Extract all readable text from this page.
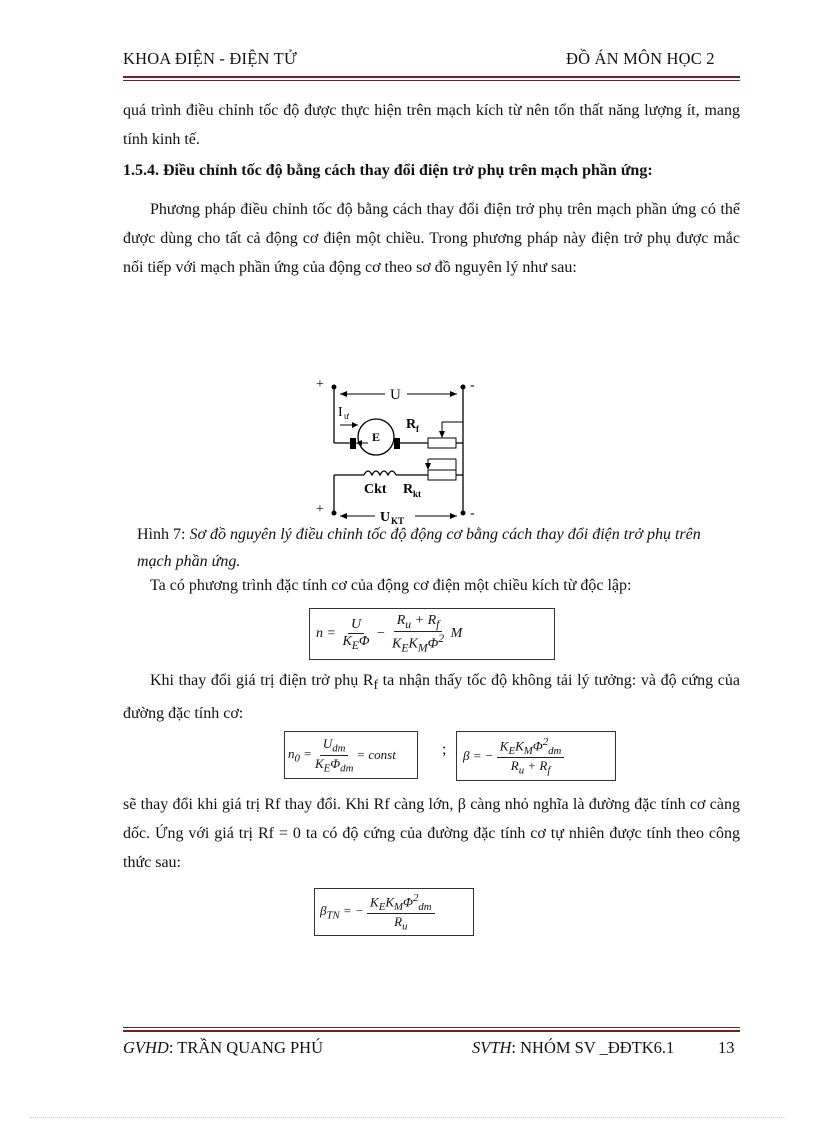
KHOA ĐIỆN - ĐIỆN TỬ	ĐỒ ÁN MÔN HỌC 2
quá trình điều chỉnh tốc độ được thực hiện trên mạch kích từ nên tổn thất năng lượng ít, mang tính kinh tế.
1.5.4. Điều chỉnh tốc độ bằng cách thay đổi điện trở phụ trên mạch phần ứng:
Phương pháp điều chỉnh tốc độ bằng cách thay đổi điện trở phụ trên mạch phần ứng có thể được dùng cho tất cả động cơ điện một chiều. Trong phương pháp này điện trở phụ được mắc nối tiếp với mạch phần ứng của động cơ theo sơ đồ nguyên lý như sau:
+	-
U
I ư
E
R f
Ckt R kt
+	-
U KT
Hình 7: Sơ đồ nguyên lý điều chỉnh tốc độ động cơ bằng cách thay đổi điện trở phụ trên mạch phần ứng.
Ta có phương trình đặc tính cơ của động cơ điện một chiều kích từ độc lập:
$n = \frac{U}{K_E\Phi} - \frac{R_u + R_f}{K_EK_M\Phi^2}$ M
Khi thay đổi giá trị điện trở phụ $R_f$ ta nhận thấy tốc độ không tải lý tưởng: và độ cứng của đường đặc tính cơ:
$n_0 = \frac{U_{dm}}{K_E\Phi_{dm}}$ = const	; β = − $\frac{K_EK_M\Phi^2_{dm}}{R_u + R_f}$
sẽ thay đổi khi giá trị Rf thay đổi. Khi Rf càng lớn, β càng nhỏ nghĩa là đường đặc tính cơ càng dốc. Ứng với giá trị Rf = 0 ta có độ cứng của đường đặc tính cơ tự nhiên được tính theo công thức sau:
$\beta_{TN}$ = − $\frac{K_EK_M\Phi^2_{dm}}{R_u}$
GVHD: TRẦN QUANG PHÚ	SVTH: NHÓM SV _ĐĐTK6.1	13
